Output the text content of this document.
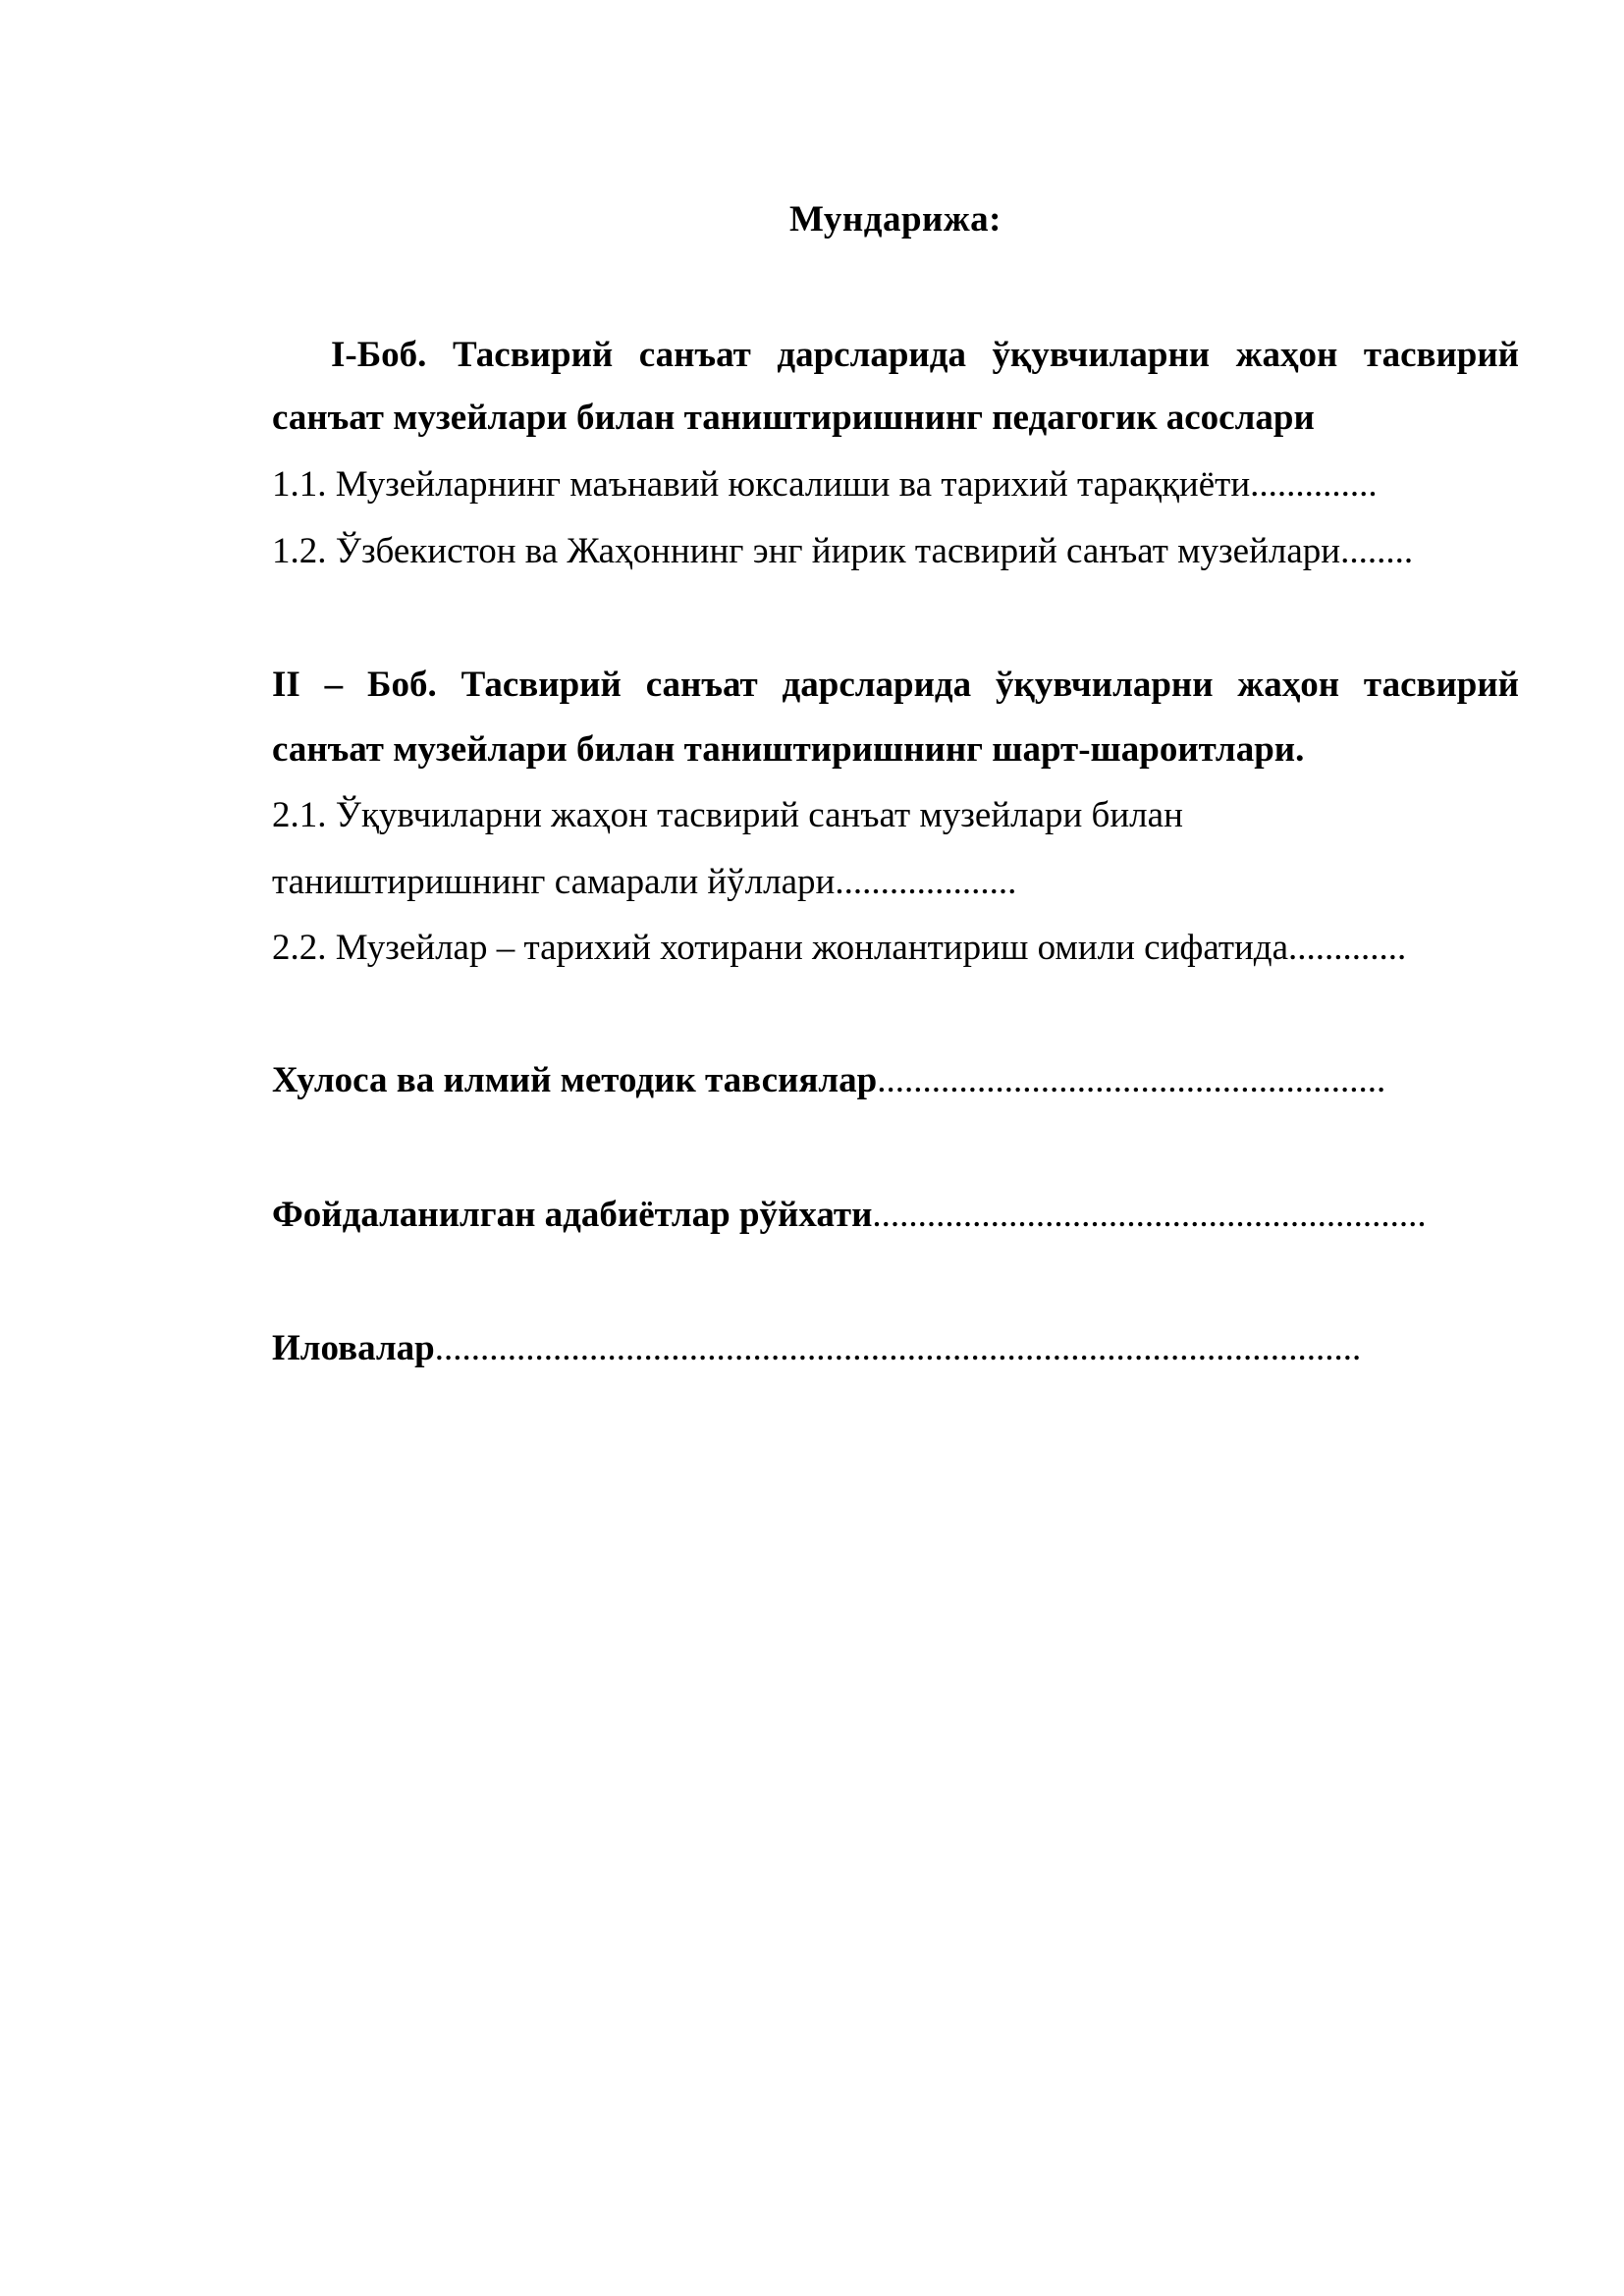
Мундарижа:
I-Боб. Тасвирий санъат дарсларида ўқувчиларни жаҳон тасвирий
санъат музейлари билан таништиришнинг педагогик асослари
1.1. Музейларнинг маънавий юксалиши ва тарихий тараққиёти..............
1.2. Ўзбекистон ва Жаҳоннинг энг йирик тасвирий санъат музейлари........
II – Боб. Тасвирий санъат дарсларида ўқувчиларни жаҳон тасвирий
санъат музейлари билан таништиришнинг шарт-шароитлари.
2.1. Ўқувчиларни жаҳон тасвирий санъат музейлари билан
таништиришнинг самарали йўллари....................
2.2. Музейлар – тарихий хотирани жонлантириш омили сифатида.............
Хулоса ва илмий методик тавсиялар........................................................
Фойдаланилган адабиётлар рўйхати.............................................................
Иловалар......................................................................................................
